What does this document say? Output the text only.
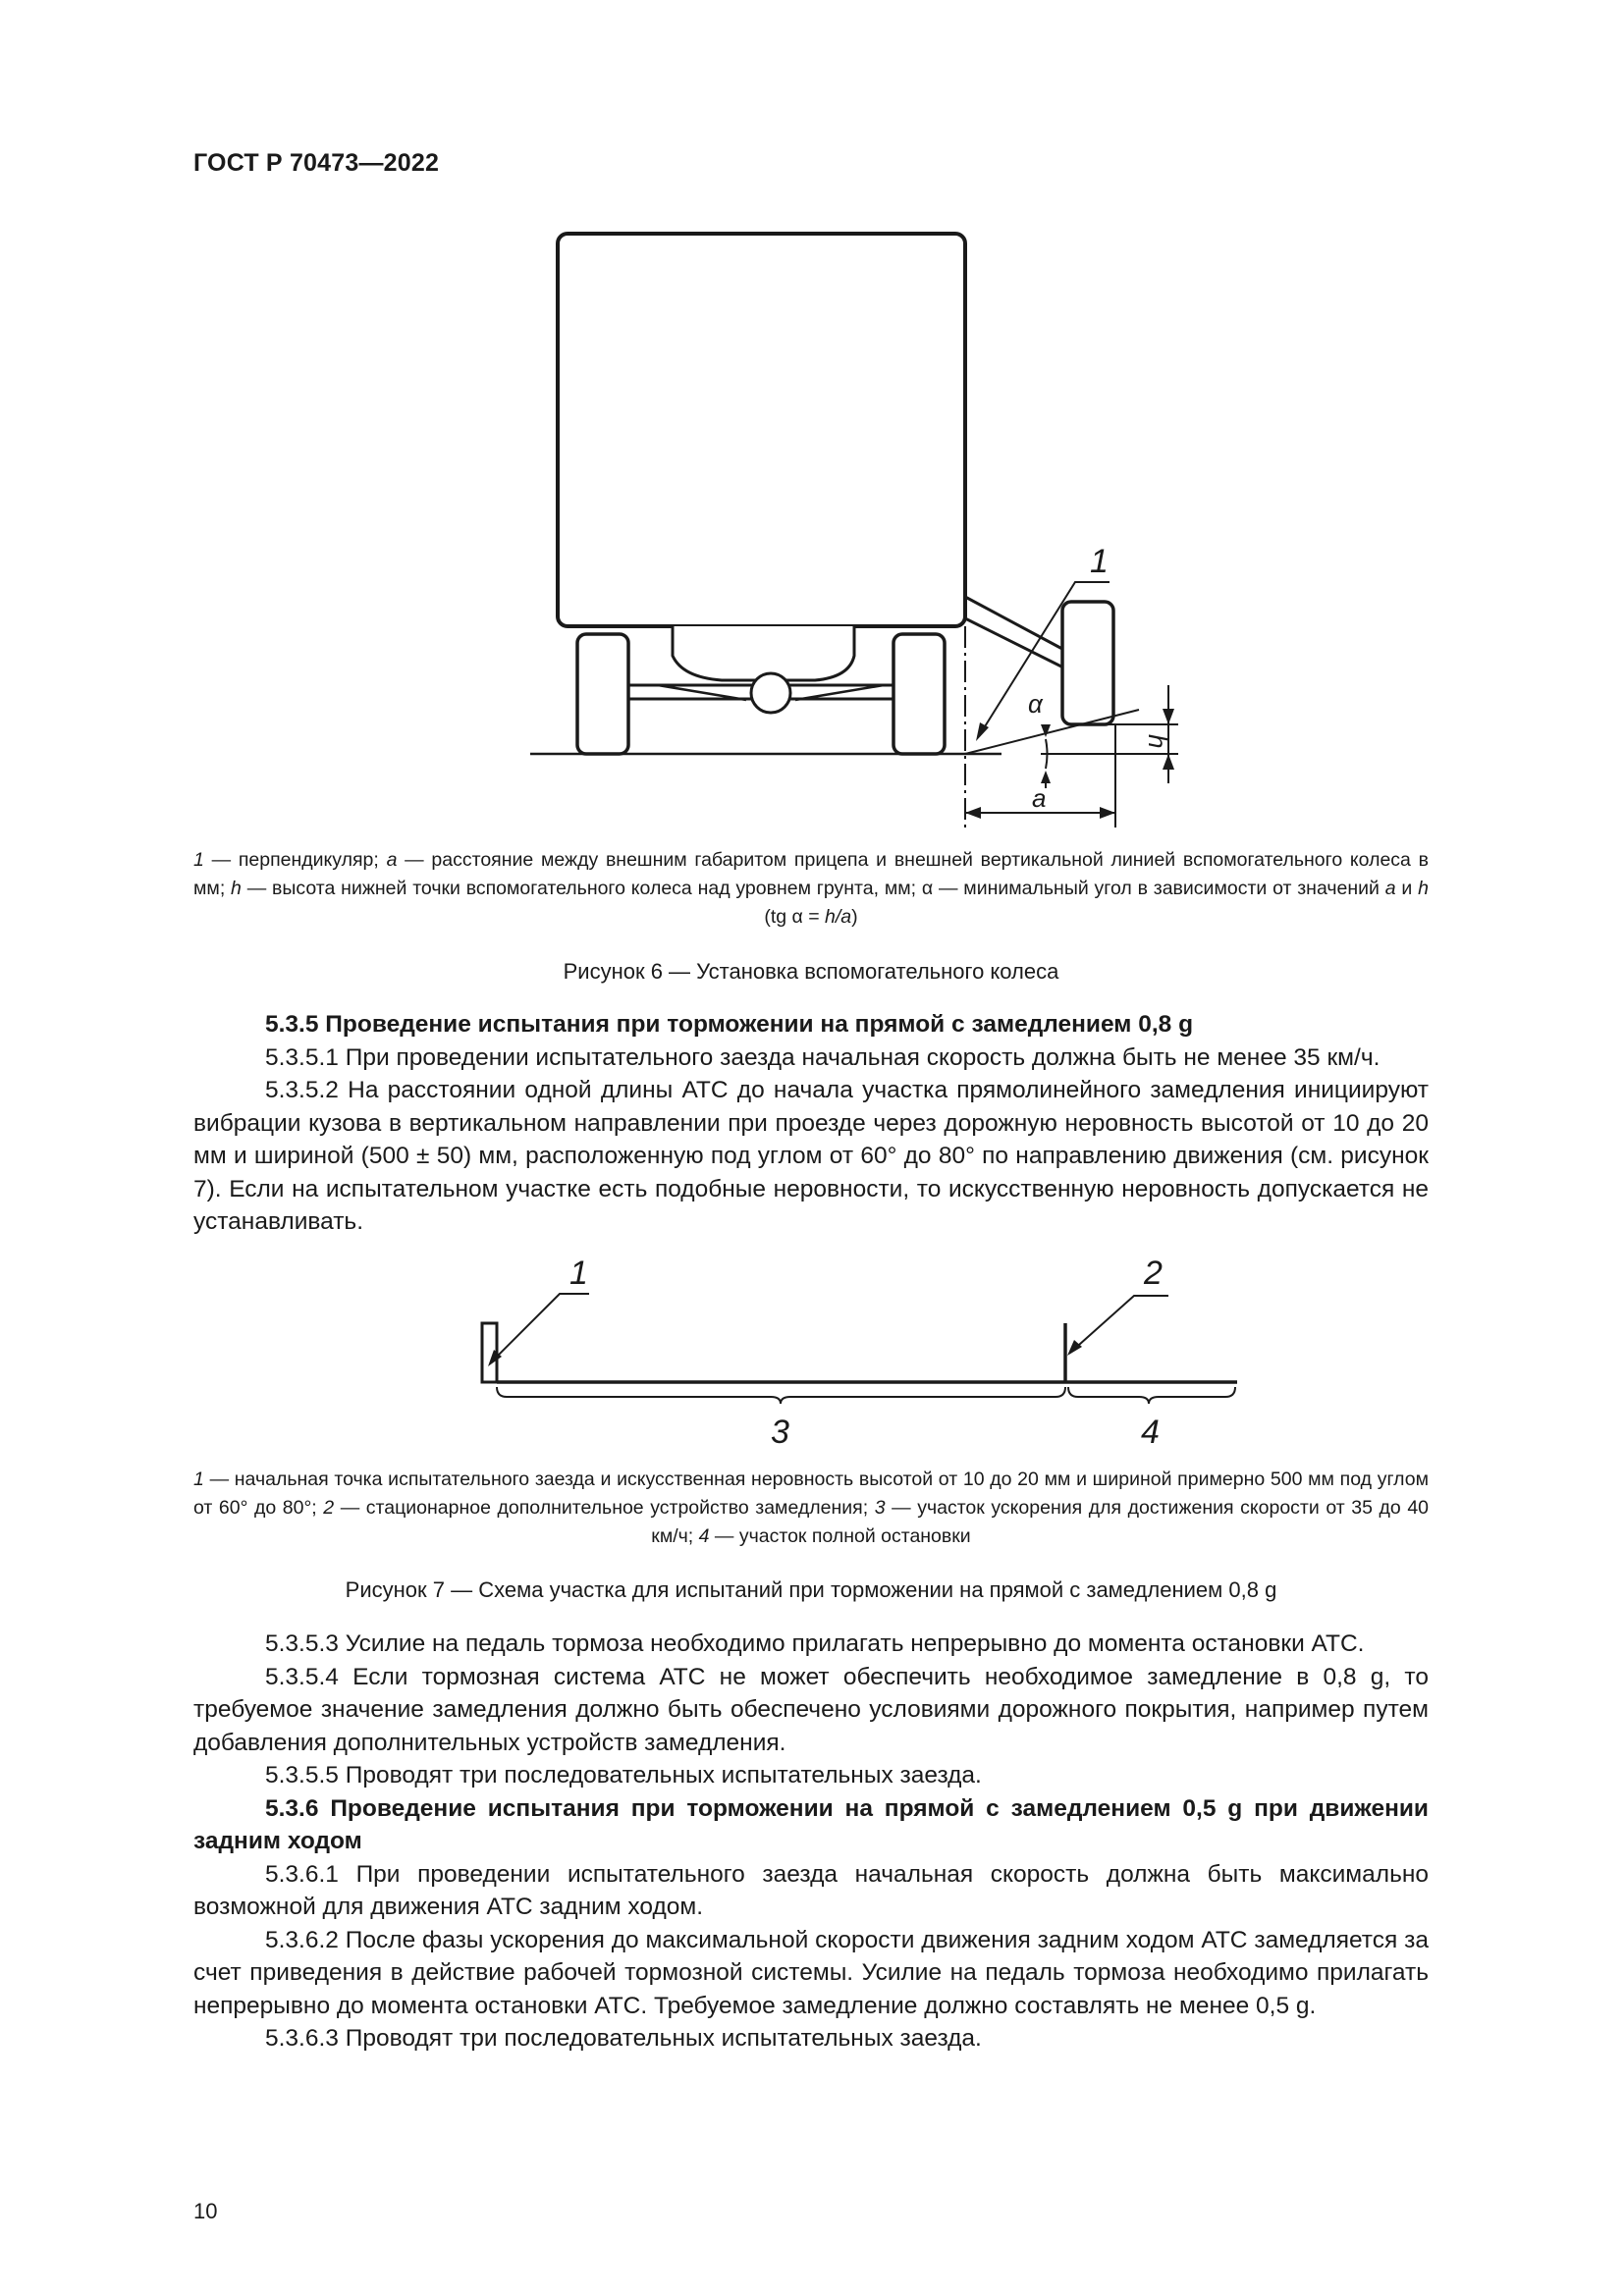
ГОСТ Р 70473—2022
1
α
h
a
1 — перпендикуляр; a — расстояние между внешним габаритом прицепа и внешней вертикальной линией вспомогательного колеса в мм; h — высота нижней точки вспомогательного колеса над уровнем грунта, мм; α — минимальный угол в зависимости от значений a и h (tg α = h/a)
Рисунок 6 — Установка вспомогательного колеса

5.3.5 Проведение испытания при торможении на прямой с замедлением 0,8 g

5.3.5.1 При проведении испытательного заезда начальная скорость должна быть не менее 35 км/ч.

5.3.5.2 На расстоянии одной длины АТС до начала участка прямолинейного замедления инициируют вибрации кузова в вертикальном направлении при проезде через дорожную неровность высотой от 10 до 20 мм и шириной (500 ± 50) мм, расположенную под углом от 60° до 80° по направлению движения (см. рисунок 7). Если на испытательном участке есть подобные неровности, то искусственную неровность допускается не устанавливать.

1	2
3	4
1 — начальная точка испытательного заезда и искусственная неровность высотой от 10 до 20 мм и шириной примерно 500 мм под углом от 60° до 80°; 2 — стационарное дополнительное устройство замедления; 3 — участок ускорения для достижения скорости от 35 до 40 км/ч; 4 — участок полной остановки
Рисунок 7 — Схема участка для испытаний при торможении на прямой с замедлением 0,8 g

5.3.5.3 Усилие на педаль тормоза необходимо прилагать непрерывно до момента остановки АТС.

5.3.5.4 Если тормозная система АТС не может обеспечить необходимое замедление в 0,8 g, то требуемое значение замедления должно быть обеспечено условиями дорожного покрытия, например путем добавления дополнительных устройств замедления.

5.3.5.5 Проводят три последовательных испытательных заезда.

5.3.6 Проведение испытания при торможении на прямой с замедлением 0,5 g при движении задним ходом

5.3.6.1 При проведении испытательного заезда начальная скорость должна быть максимально возможной для движения АТС задним ходом.

5.3.6.2 После фазы ускорения до максимальной скорости движения задним ходом АТС замедляется за счет приведения в действие рабочей тормозной системы. Усилие на педаль тормоза необходимо прилагать непрерывно до момента остановки АТС. Требуемое замедление должно составлять не менее 0,5 g.

5.3.6.3 Проводят три последовательных испытательных заезда.

10
